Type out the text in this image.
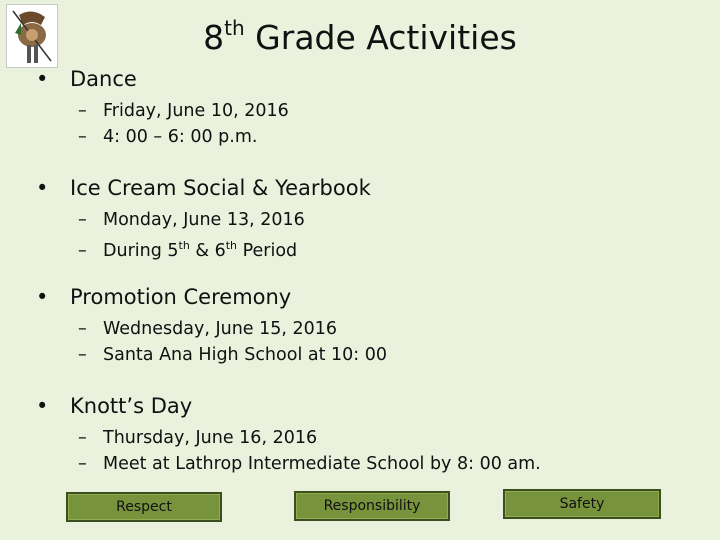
8th Grade Activities
• Dance
– Friday, June 10, 2016
– 4: 00 – 6: 00 p.m.
• Ice Cream Social & Yearbook
– Monday, June 13, 2016
– During 5th & 6th Period
• Promotion Ceremony
– Wednesday, June 15, 2016
– Santa Ana High School at 10: 00
• Knott’s Day
– Thursday, June 16, 2016
– Meet at Lathrop Intermediate School by 8: 00 am.
Respect	Responsibility	Safety
